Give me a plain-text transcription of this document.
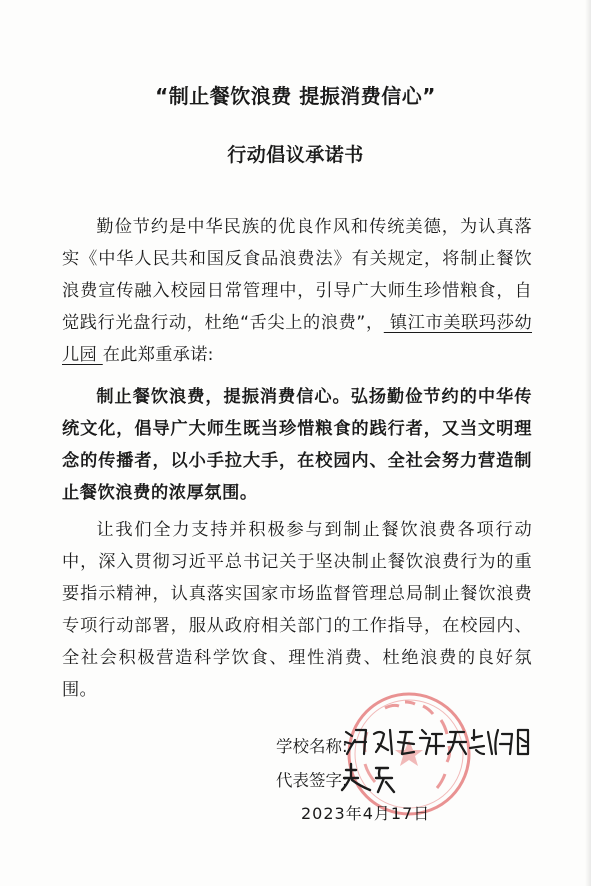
“制止餐饮浪费 提振消费信心”
行动倡议承诺书
勤俭节约是中华民族的优良作风和传统美德，为认真落实《中华人民共和国反食品浪费法》有关规定，将制止餐饮浪费宣传融入校园日常管理中，引导广大师生珍惜粮食，自觉践行光盘行动，杜绝“舌尖上的浪费”， 镇江市美联玛莎幼儿园 在此郑重承诺:
制止餐饮浪费，提振消费信心。弘扬勤俭节约的中华传统文化，倡导广大师生既当珍惜粮食的践行者，又当文明理念的传播者，以小手拉大手，在校园内、全社会努力营造制止餐饮浪费的浓厚氛围。
让我们全力支持并积极参与到制止餐饮浪费各项行动中，深入贯彻习近平总书记关于坚决制止餐饮浪费行为的重要指示精神，认真落实国家市场监督管理总局制止餐饮浪费专项行动部署，服从政府相关部门的工作指导，在校园内、全社会积极营造科学饮食、理性消费、杜绝浪费的良好氛围。
学校名称:
代表签字:
2023年4月17日
